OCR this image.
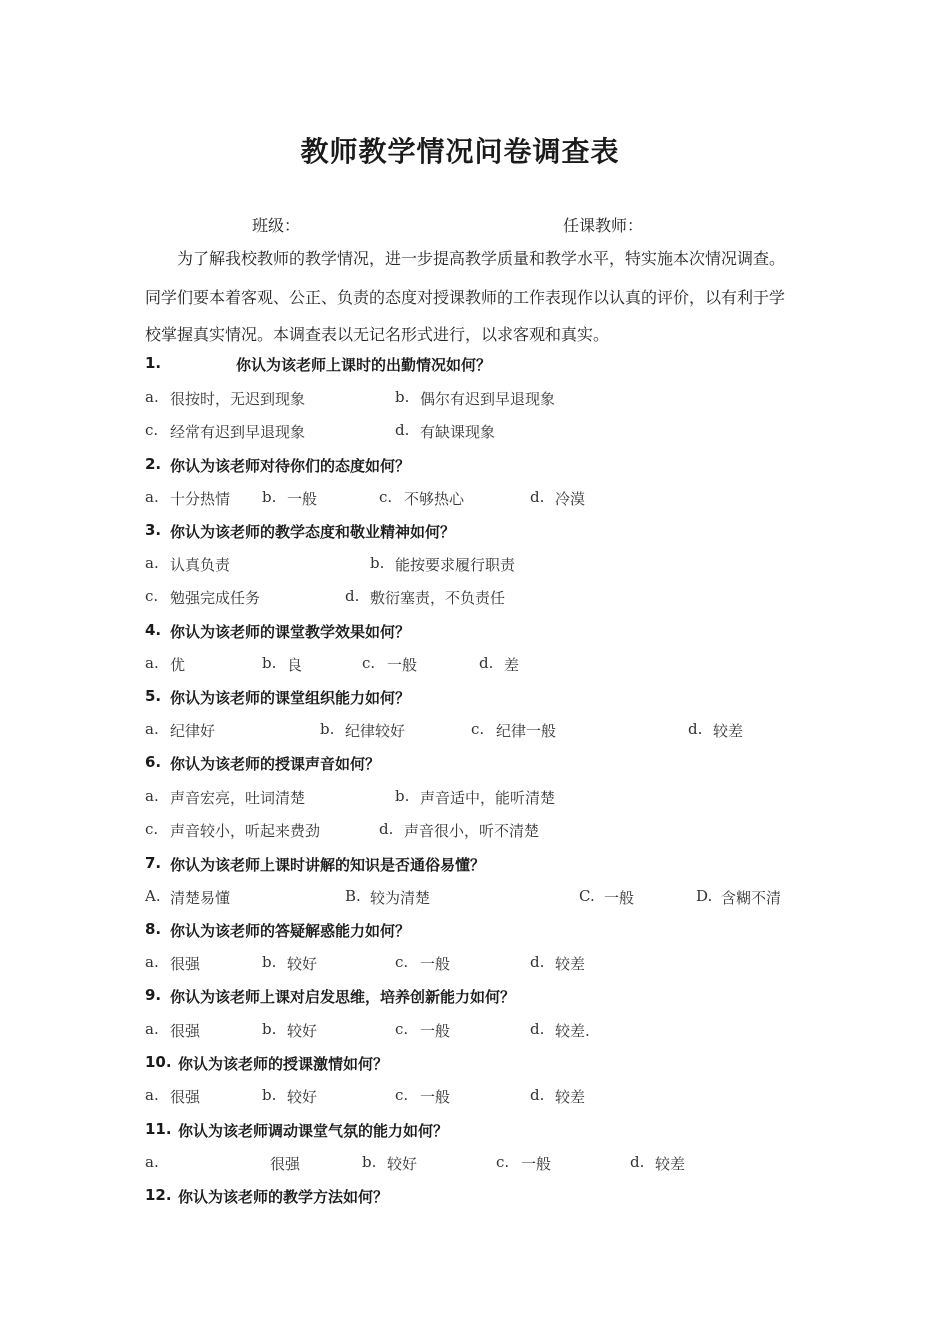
教师教学情况问卷调查表
班级：	任课教师：
为了解我校教师的教学情况，进一步提高教学质量和教学水平，特实施本次情况调查。
同学们要本着客观、公正、负责的态度对授课教师的工作表现作以认真的评价，以有利于学
校掌握真实情况。本调查表以无记名形式进行，以求客观和真实。
1.	你认为该老师上课时的出勤情况如何？
a. 很按时，无迟到现象	b. 偶尔有迟到早退现象
c. 经常有迟到早退现象	d. 有缺课现象
2. 你认为该老师对待你们的态度如何？
a. 十分热情 b. 一般	c. 不够热心	d. 冷漠
3. 你认为该老师的教学态度和敬业精神如何？
a. 认真负责	b. 能按要求履行职责
c. 勉强完成任务	d. 敷衍塞责，不负责任
4. 你认为该老师的课堂教学效果如何？
a. 优	b. 良	c. 一般	d. 差
5. 你认为该老师的课堂组织能力如何？
a. 纪律好	b. 纪律较好	c. 纪律一般	d. 较差
6. 你认为该老师的授课声音如何？
a. 声音宏亮，吐词清楚	b. 声音适中，能听清楚
c. 声音较小，听起来费劲	d. 声音很小，听不清楚
7. 你认为该老师上课时讲解的知识是否通俗易懂？
A. 清楚易懂	B. 较为清楚	C. 一般	D. 含糊不清
8. 你认为该老师的答疑解惑能力如何？
a. 很强	b. 较好	c. 一般	d. 较差
9. 你认为该老师上课对启发思维，培养创新能力如何？
a. 很强	b. 较好	c. 一般	d. 较差.
10. 你认为该老师的授课激情如何？
a. 很强	b. 较好	c. 一般	d. 较差
11. 你认为该老师调动课堂气氛的能力如何？
a.	很强	b. 较好	c. 一般	d. 较差
12. 你认为该老师的教学方法如何？
